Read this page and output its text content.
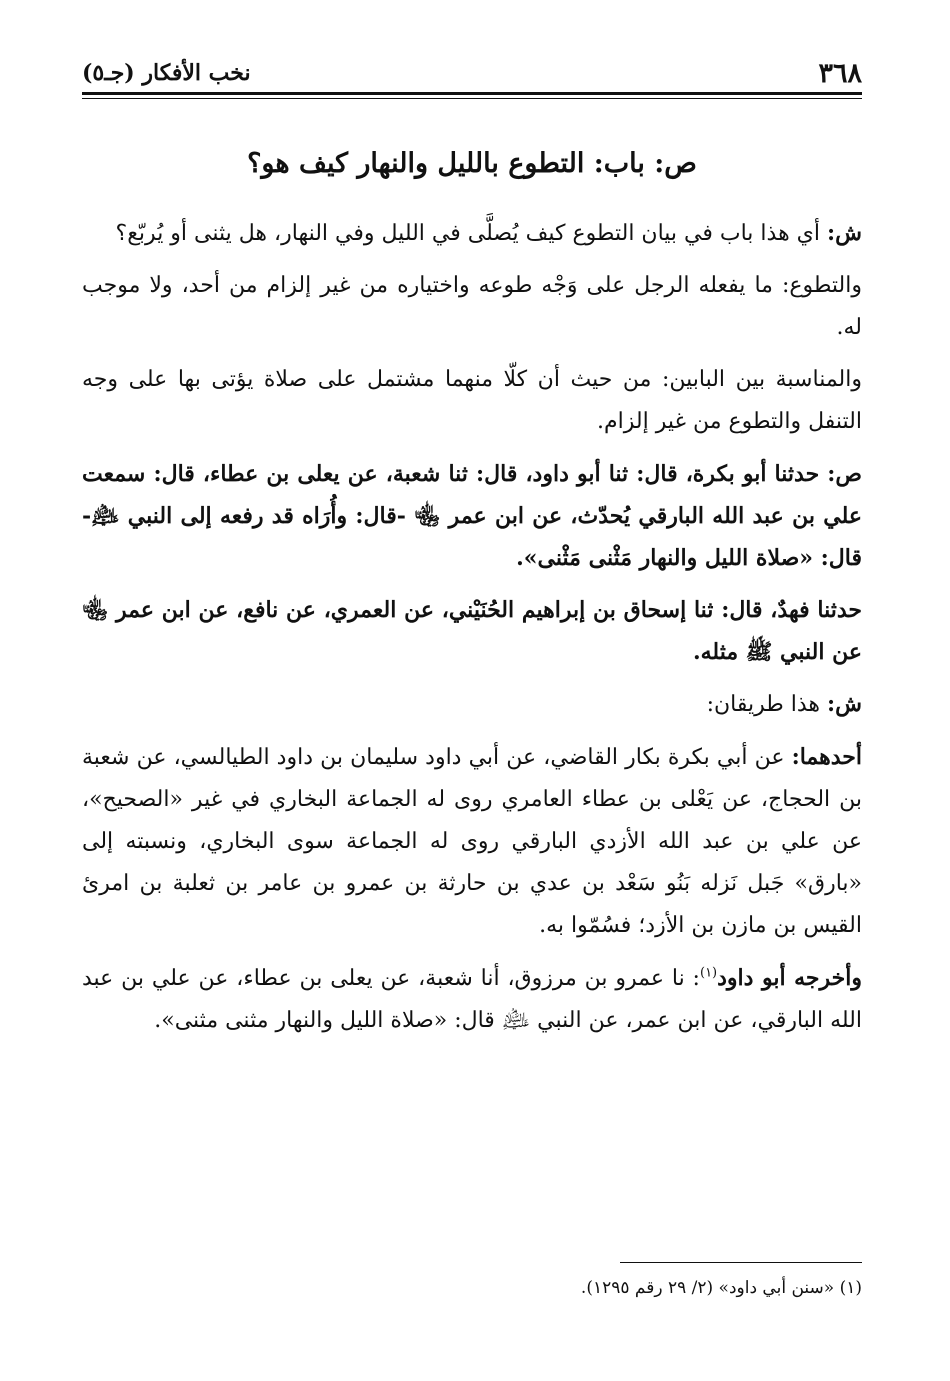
٣٦٨
نخب الأفكار (جـ٥)
ص: باب: التطوع بالليل والنهار كيف هو؟

ش: أي هذا باب في بيان التطوع كيف يُصلَّى في الليل وفي النهار، هل يثنى أو يُربّع؟

والتطوع: ما يفعله الرجل على وَجْه طوعه واختياره من غير إلزام من أحد، ولا موجب له.

والمناسبة بين البابين: من حيث أن كلّا منهما مشتمل على صلاة يؤتى بها على وجه التنفل والتطوع من غير إلزام.

ص: حدثنا أبو بكرة، قال: ثنا أبو داود، قال: ثنا شعبة، عن يعلى بن عطاء، قال: سمعت علي بن عبد الله البارقي يُحدّث، عن ابن عمر ﵄ -قال: وأُرَاه قد رفعه إلى النبي ﵇- قال: «صلاة الليل والنهار مَثْنى مَثْنى».

حدثنا فهدٌ، قال: ثنا إسحاق بن إبراهيم الحُنَيْني، عن العمري، عن نافع، عن ابن عمر ﵄ عن النبي ﷺ مثله.

ش: هذا طريقان:

أحدهما: عن أبي بكرة بكار القاضي، عن أبي داود سليمان بن داود الطيالسي، عن شعبة بن الحجاج، عن يَعْلى بن عطاء العامري روى له الجماعة البخاري في غير «الصحيح»، عن علي بن عبد الله الأزدي البارقي روى له الجماعة سوى البخاري، ونسبته إلى «بارق» جَبل نَزله بَنُو سَعْد بن عدي بن حارثة بن عمرو بن عامر بن ثعلبة بن امرئ القيس بن مازن بن الأزد؛ فسُمّوا به.

وأخرجه أبو داود$^{(١)}$: نا عمرو بن مرزوق، أنا شعبة، عن يعلى بن عطاء، عن علي بن عبد الله البارقي، عن ابن عمر، عن النبي ﵇ قال: «صلاة الليل والنهار مثنى مثنى».

(١) «سنن أبي داود» (٢/ ٢٩ رقم ١٢٩٥).
